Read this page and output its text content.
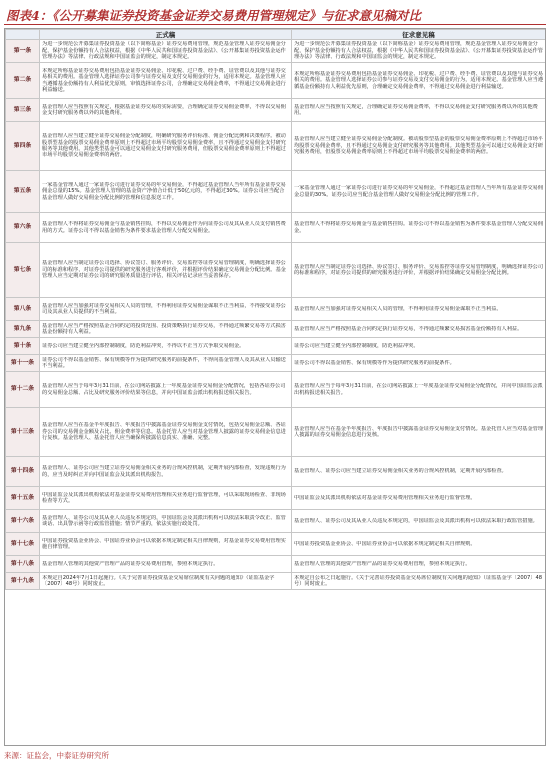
图表4：《公开募集证券投资基金证券交易费用管理规定》与征求意见稿对比
	正式稿	征求意见稿
第一条	为进一步规范公开募集证券投资基金（以下简称基金）证券交易费用管理，规范基金管理人证券交易佣金分配，保护基金份额持有人合法权益，根据《中华人民共和国证券投资基金法》、《公开募集证券投资基金运作管理办法》等法律、行政法规和中国证监会的规定，制定本规定。	为进一步规范公开募集证券投资基金（以下简称基金）证券交易费用管理，规范基金管理人证券交易佣金分配，保护基金份额持有人合法权益，根据《中华人民共和国证券投资基金法》、《公开募集证券投资基金运作管理办法》等法律、行政法规和中国证监会的规定，制定本规定。

第二条	本规定所称基金证券交易费用包括基金证券交易佣金、印花税、过户费、经手费、证管费以及其他与证券交易相关的费用。基金管理人选择证券公司参与证券交易及支付交易佣金的行为，适用本规定。基金管理人应当遵循基金份额持有人利益优先原则，审慎选择证券公司，合理确定交易佣金费率，不得通过交易佣金进行利益输送。	本规定所称基金证券交易费用包括基金证券交易佣金、印花税、过户费、经手费、证管费以及其他与证券交易相关的费用。基金管理人选择证券公司参与证券交易及支付交易佣金的行为，适用本规定。基金管理人应当遵循基金份额持有人利益优先原则，合理确定交易佣金费率，不得通过交易佣金进行利益输送。

第三条	基金管理人应当按照有关规定，根据基金证券交易的实际需要，合理确定证券交易佣金费率，不得以交易佣金支付研究服务费以外的其他费用。	基金管理人应当按照有关规定，合理确定证券交易佣金费率，不得以交易佣金支付研究服务费以外的其他费用。

第四条	基金管理人应当建立健全证券交易佣金分配制度，明确研究服务评价标准、佣金分配比例和决策程序。被动股票型基金的股票交易佣金费率原则上不得超过市场平均股票交易佣金费率，且不得通过交易佣金支付研究服务等其他费用。其他类型基金可以通过交易佣金支付研究服务费用，但股票交易佣金费率原则上不得超过市场平均股票交易佣金费率的两倍。	基金管理人应当建立健全证券交易佣金分配制度。被动股票型基金的股票交易佣金费率原则上不得超过市场平均股票交易佣金费率，且不得通过交易佣金支付研究服务等其他费用。其他类型基金可以通过交易佣金支付研究服务费用，但股票交易佣金费率原则上不得超过市场平均股票交易佣金费率的两倍。

第五条	一家基金管理人通过一家证券公司进行证券交易的年交易佣金，不得超过基金管理人当年所有基金证券交易佣金总量的15%。基金管理人管理的基金资产净值合计低于50亿元的，不得超过30%。证券公司应当配合基金管理人做好交易佣金分配比例的管理和信息报送工作。	一家基金管理人通过一家证券公司进行证券交易的年交易佣金，不得超过基金管理人当年所有基金证券交易佣金总量的30%。证券公司应当配合基金管理人做好交易佣金分配比例的管理工作。

第六条	基金管理人不得将证券交易佣金与基金销售挂钩，不得以交易佣金作为向证券公司及其从业人员支付销售费用的方式。证券公司不得以基金销售为条件要求基金管理人分配交易佣金。	基金管理人不得将证券交易佣金与基金销售挂钩。证券公司不得以基金销售为条件要求基金管理人分配交易佣金。

第七条	基金管理人应当制定证券公司选择、协议签订、服务评价、交易监控等证券交易管理制度，明确选择证券公司的标准和程序，对证券公司提供的研究服务进行客观评价，并根据评价结果确定交易佣金分配比例。基金管理人应当定期对证券公司的研究服务质量进行评估，相关评估记录应当妥善保存。	基金管理人应当制定证券公司选择、协议签订、服务评价、交易监控等证券交易管理制度，明确选择证券公司的标准和程序，对证券公司提供的研究服务进行评价，并根据评价结果确定交易佣金分配比例。

第八条	基金管理人应当加强对证券交易相关人员的管理，不得利用证券交易佣金谋取不正当利益，不得接受证券公司及其从业人员提供的不当利益。	基金管理人应当加强对证券交易相关人员的管理，不得利用证券交易佣金谋取不正当利益。

第九条	基金管理人应当严格按照基金合同约定的投资范围、投资策略执行证券交易，不得通过频繁交易等方式损害基金份额持有人利益。	基金管理人应当严格按照基金合同约定执行证券交易，不得通过频繁交易损害基金份额持有人利益。

第十条	证券公司应当建立健全内部控制制度，防范利益冲突，不得以不正当方式争取交易佣金。	证券公司应当建立健全内部控制制度，防范利益冲突。

第十一条	证券公司不得以基金销售、保有规模等作为提供研究服务的前提条件，不得向基金管理人及其从业人员输送不当利益。	证券公司不得以基金销售、保有规模等作为提供研究服务的前提条件。

第十二条	基金管理人应当于每年3月31日前，在公司网站披露上一年度基金证券交易佣金分配情况，包括各证券公司的交易佣金总额、占比及研究服务评价结果等信息，并向中国证监会派出机构报送相关报告。	基金管理人应当于每年3月31日前，在公司网站披露上一年度基金证券交易佣金分配情况，并向中国证监会派出机构报送相关报告。

第十三条	基金管理人应当在基金半年度报告、年度报告中披露基金证券交易佣金支付情况，包括交易佣金总额、各证券公司的交易佣金金额及占比、佣金费率等信息。基金托管人应当对基金管理人披露的证券交易佣金信息进行复核。基金管理人、基金托管人应当确保所披露信息真实、准确、完整。	基金管理人应当在基金半年度报告、年度报告中披露基金证券交易佣金支付情况。基金托管人应当对基金管理人披露的证券交易佣金信息进行复核。

第十四条	基金管理人、证券公司应当建立证券交易佣金相关业务的合规风控机制，定期开展内部检查，发现违规行为的，应当及时纠正并向中国证监会及其派出机构报告。	基金管理人、证券公司应当建立证券交易佣金相关业务的合规风控机制，定期开展内部检查。

第十五条	中国证监会及其派出机构依法对基金证券交易费用管理相关业务进行监督管理，可以采取现场检查、非现场检查等方式。	中国证监会及其派出机构依法对基金证券交易费用管理相关业务进行监督管理。

第十六条	基金管理人、证券公司及其从业人员违反本规定的，中国证监会及其派出机构可以依法采取责令改正、监管谈话、出具警示函等行政监管措施；情节严重的，依法实施行政处罚。	基金管理人、证券公司及其从业人员违反本规定的，中国证监会及其派出机构可以依法采取行政监管措施。

第十七条	中国证券投资基金业协会、中国证券业协会可以依据本规定制定相关自律规则，对基金证券交易费用管理实施自律管理。	中国证券投资基金业协会、中国证券业协会可以依据本规定制定相关自律规则。

第十八条	基金管理人管理的其他资产管理产品的证券交易费用管理，参照本规定执行。	基金管理人管理的其他资产管理产品的证券交易费用管理，参照本规定执行。

第十九条	本规定自2024年7月1日起施行。《关于完善证券投资基金交易席位制度有关问题的通知》（证监基金字〔2007〕48号）同时废止。	本规定自公布之日起施行。《关于完善证券投资基金交易席位制度有关问题的通知》（证监基金字〔2007〕48号）同时废止。
来源：证监会，中泰证券研究所
